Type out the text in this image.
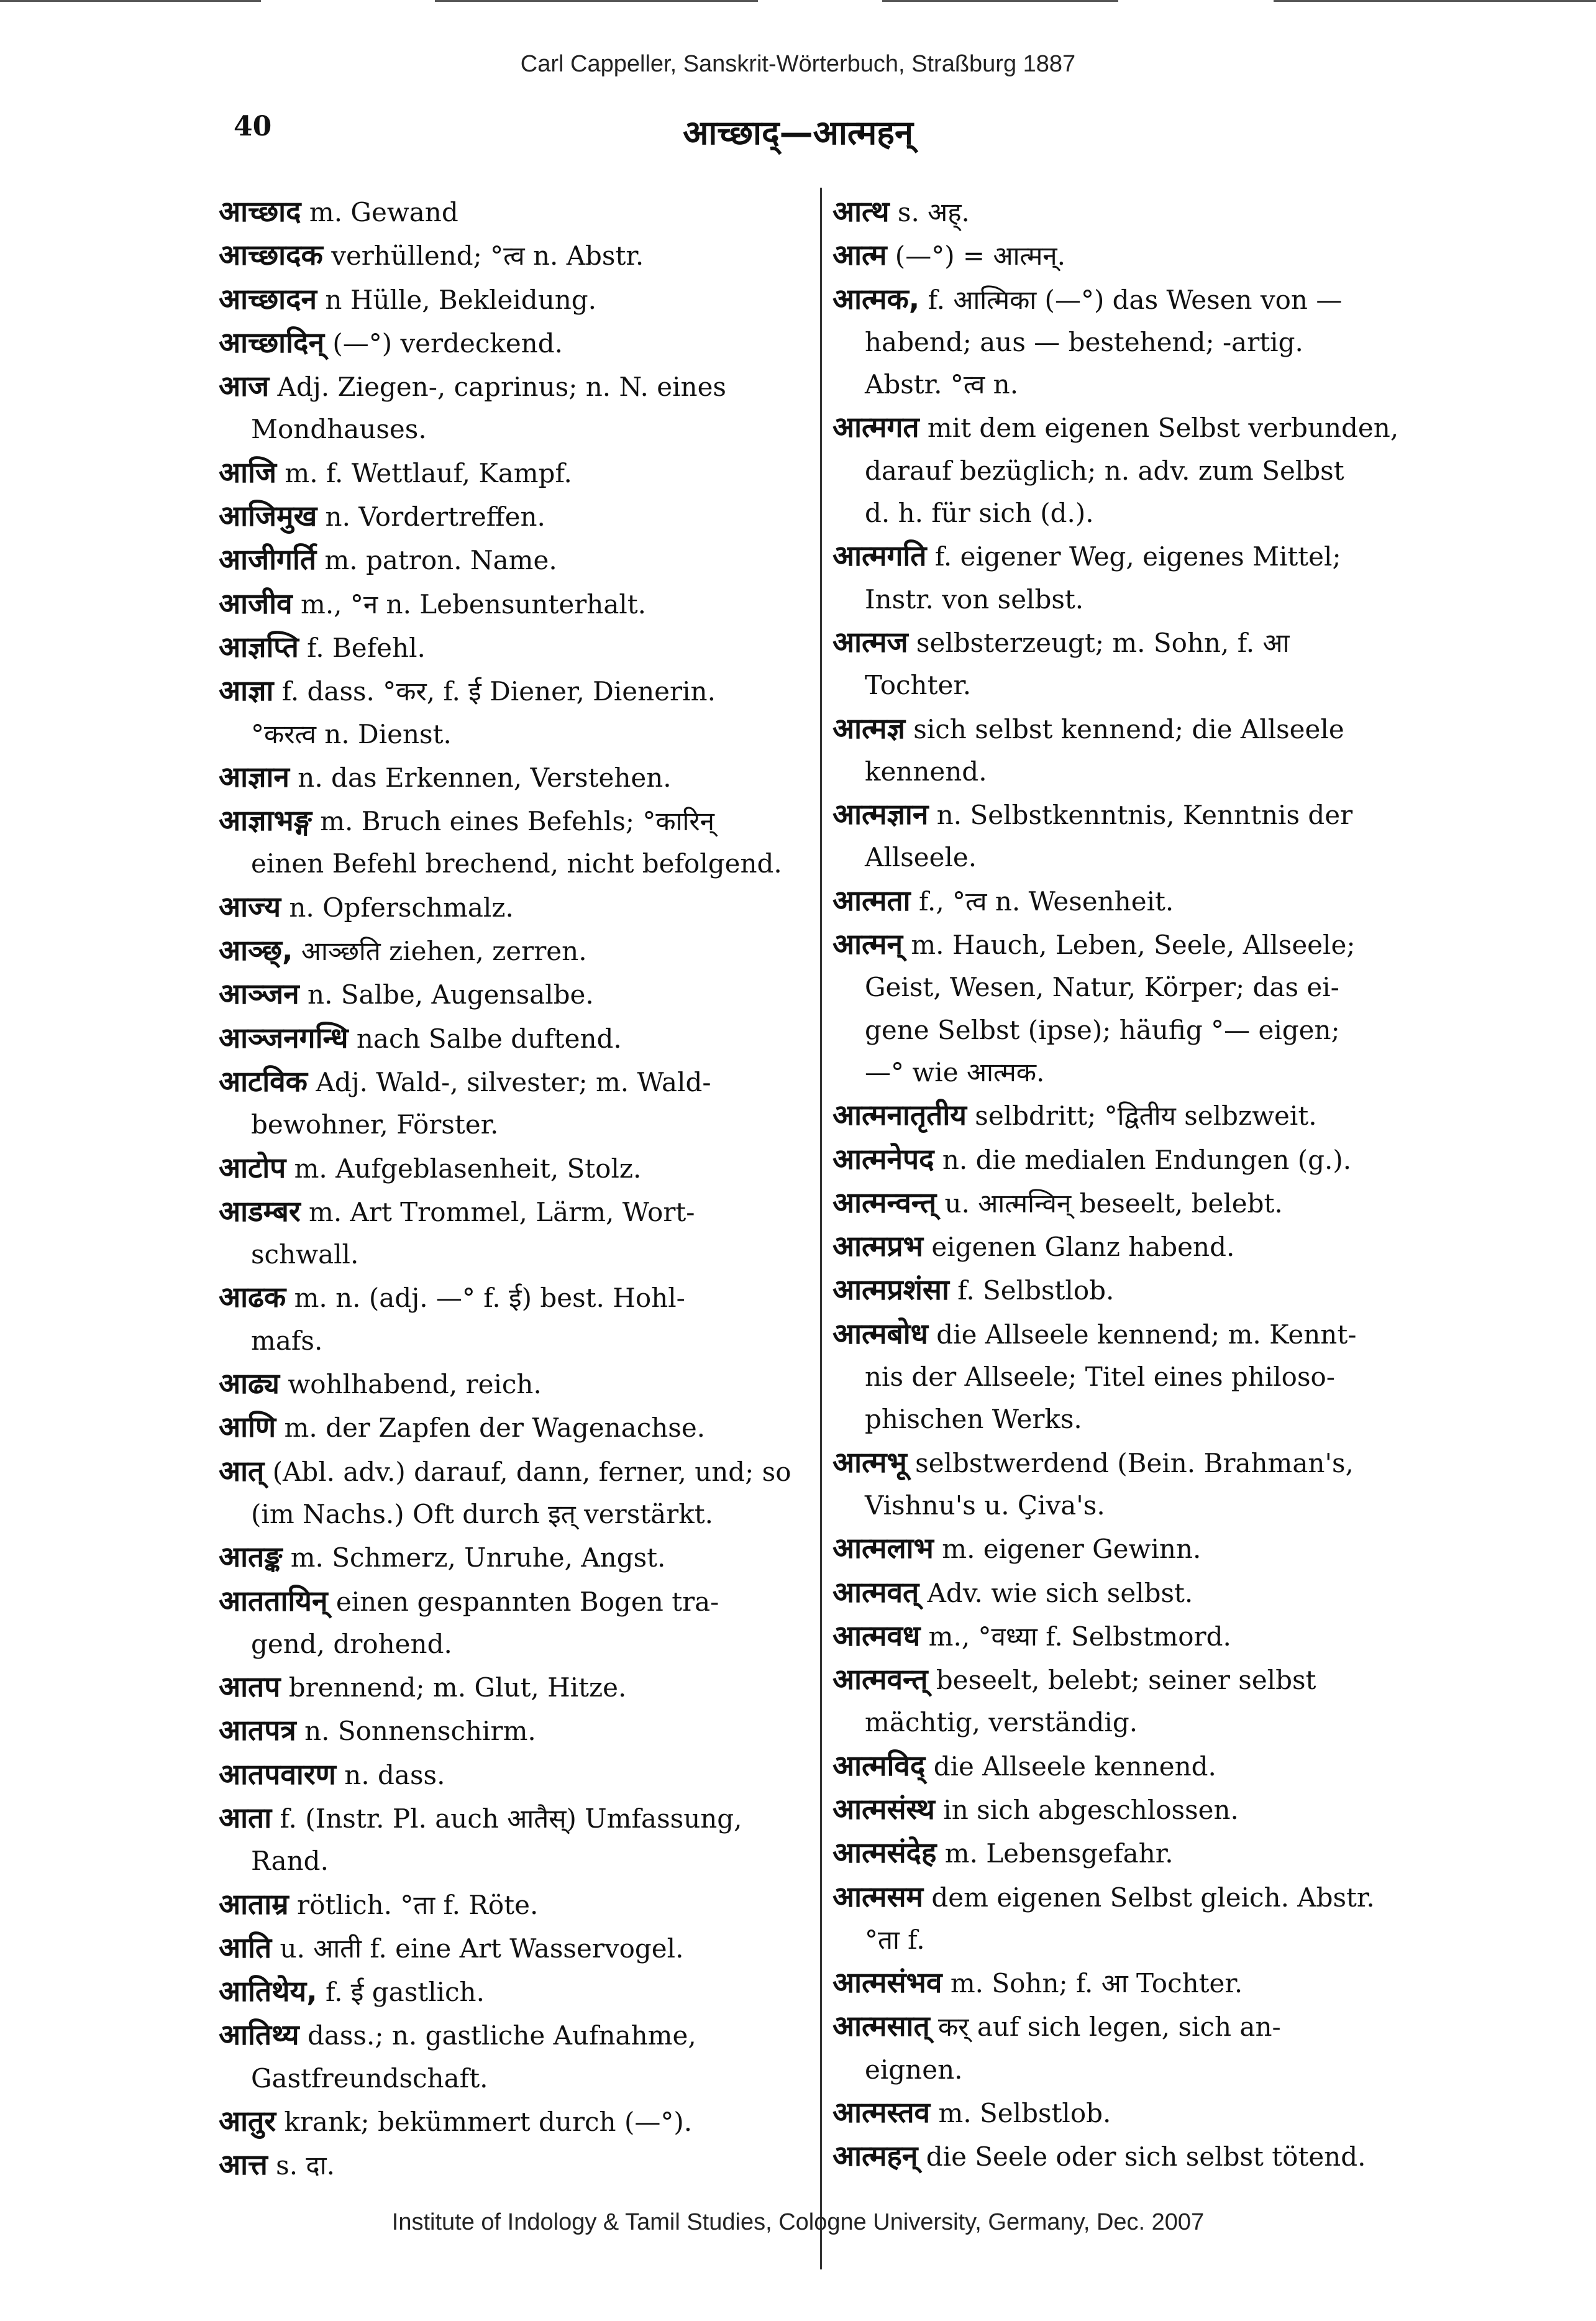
Carl Cappeller, Sanskrit-Wörterbuch, Straßburg 1887
40	आच्छाद्—आत्महन्

आच्छाद m. Gewand

आच्छादक verhüllend; °त्व n. Abstr.

आच्छादन n Hülle, Bekleidung.

आच्छादिन् (—°) verdeckend.

आज Adj. Ziegen-, caprinus; n. N. eines

Mondhauses.

आजि m. f. Wettlauf, Kampf.

आजिमुख n. Vordertreffen.

आजीगर्ति m. patron. Name.

आजीव m., °न n. Lebensunterhalt.

आज्ञप्ति f. Befehl.

आज्ञा f. dass. °कर, f. ई Diener, Dienerin.

°करत्व n. Dienst.

आज्ञान n. das Erkennen, Verstehen.

आज्ञाभङ्ग m. Bruch eines Befehls; °कारिन्

einen Befehl brechend, nicht befolgend.

आज्य n. Opferschmalz.

आञ्छ्, आञ्छति ziehen, zerren.

आञ्जन n. Salbe, Augensalbe.

आञ्जनगन्धि nach Salbe duftend.

आटविक Adj. Wald-, silvester; m. Wald-

bewohner, Förster.

आटोप m. Aufgeblasenheit, Stolz.

आडम्बर m. Art Trommel, Lärm, Wort-

schwall.

आढक m. n. (adj. —° f. ई) best. Hohl-

mafs.

आढ्य wohlhabend, reich.

आणि m. der Zapfen der Wagenachse.

आत् (Abl. adv.) darauf, dann, ferner, und; so

(im Nachs.) Oft durch इत् verstärkt.

आतङ्क m. Schmerz, Unruhe, Angst.

आततायिन् einen gespannten Bogen tra-

gend, drohend.

आतप brennend; m. Glut, Hitze.

आतपत्र n. Sonnenschirm.

आतपवारण n. dass.

आता f. (Instr. Pl. auch आतैस्) Umfassung,

Rand.

आताम्र rötlich. °ता f. Röte.

आति u. आती f. eine Art Wasservogel.

आतिथेय, f. ई gastlich.

आतिथ्य dass.; n. gastliche Aufnahme,

Gastfreundschaft.

आतुर krank; bekümmert durch (—°).

आत्त s. दा.

आत्थ s. अह्.

आत्म (—°) = आत्मन्.

आत्मक, f. आत्मिका (—°) das Wesen von —

habend; aus — bestehend; -artig.

Abstr. °त्व n.

आत्मगत mit dem eigenen Selbst verbunden,

darauf bezüglich; n. adv. zum Selbst

d. h. für sich (d.).

आत्मगति f. eigener Weg, eigenes Mittel;

Instr. von selbst.

आत्मज selbsterzeugt; m. Sohn, f. आ

Tochter.

आत्मज्ञ sich selbst kennend; die Allseele

kennend.

आत्मज्ञान n. Selbstkenntnis, Kenntnis der

Allseele.

आत्मता f., °त्व n. Wesenheit.

आत्मन् m. Hauch, Leben, Seele, Allseele;

Geist, Wesen, Natur, Körper; das ei-

gene Selbst (ipse); häufig °— eigen;

—° wie आत्मक.

आत्मनातृतीय selbdritt; °द्वितीय selbzweit.

आत्मनेपद n. die medialen Endungen (g.).

आत्मन्वन्त् u. आत्मन्विन् beseelt, belebt.

आत्मप्रभ eigenen Glanz habend.

आत्मप्रशंसा f. Selbstlob.

आत्मबोध die Allseele kennend; m. Kennt-

nis der Allseele; Titel eines philoso-

phischen Werks.

आत्मभू selbstwerdend (Bein. Brahman's,

Vishnu's u. Çiva's.

आत्मलाभ m. eigener Gewinn.

आत्मवत् Adv. wie sich selbst.

आत्मवध m., °वध्या f. Selbstmord.

आत्मवन्त् beseelt, belebt; seiner selbst

mächtig, verständig.

आत्मविद् die Allseele kennend.

आत्मसंस्थ in sich abgeschlossen.

आत्मसंदेह m. Lebensgefahr.

आत्मसम dem eigenen Selbst gleich. Abstr.

°ता f.

आत्मसंभव m. Sohn; f. आ Tochter.

आत्मसात् कर् auf sich legen, sich an-

eignen.

आत्मस्तव m. Selbstlob.

आत्महन् die Seele oder sich selbst tötend.

Institute of Indology & Tamil Studies, Cologne University, Germany, Dec. 2007
